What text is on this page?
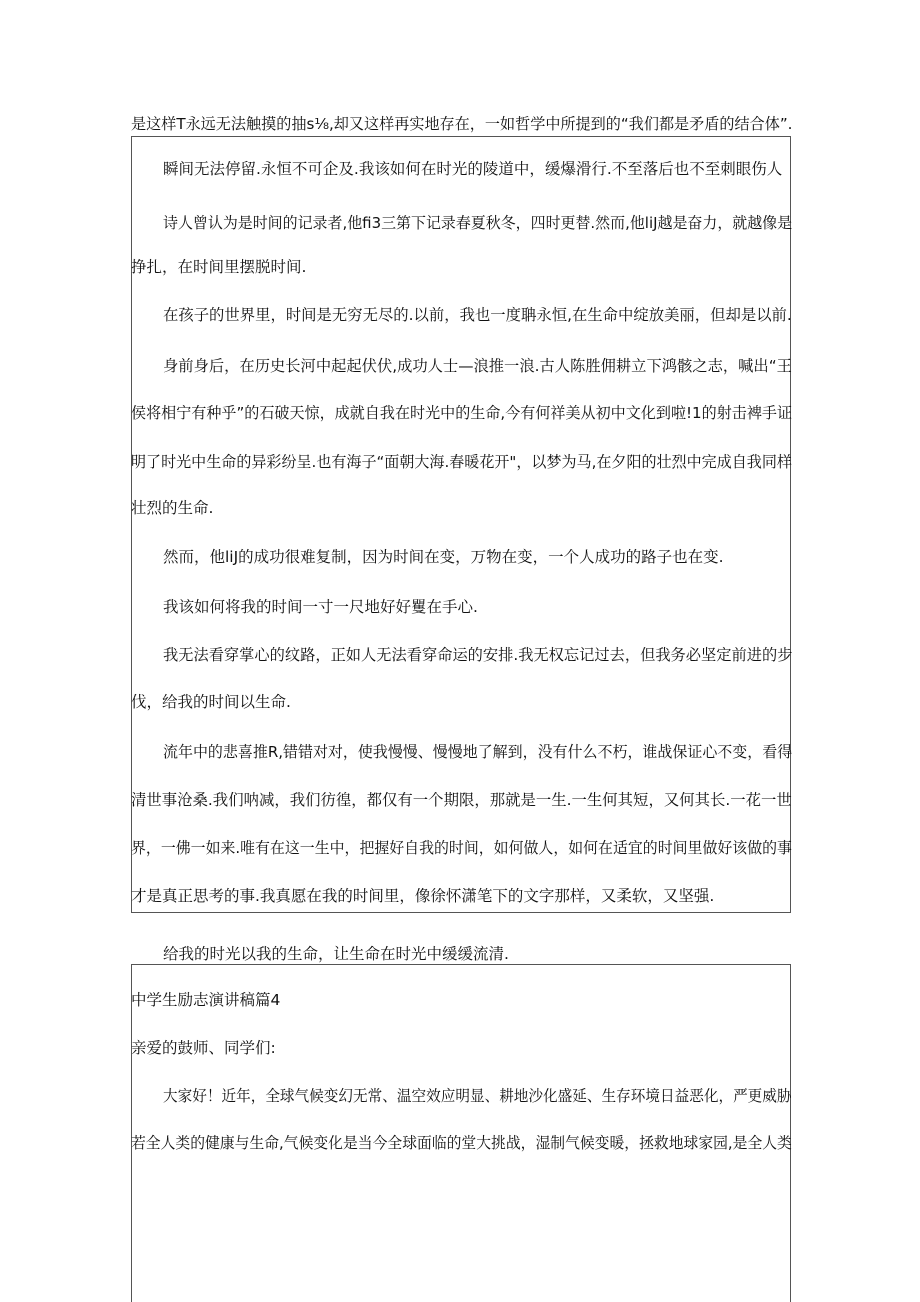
是这样T永远无法触摸的抽s⅛,却又这样再实地存在，一如哲学中所提到的“我们都是矛盾的结合体”.

瞬间无法停留.永恒不可企及.我该如何在时光的陵道中，缓爆滑行.不至落后也不至刺眼伤人

诗人曾认为是时间的记录者,他fi3三第下记录春夏秋冬，四时更替.然而,他liJ越是奋力，就越像是

挣扎，在时间里摆脱时间.

在孩子的世界里，时间是无穷无尽的.以前，我也一度聃永恒,在生命中绽放美丽，但却是以前.

身前身后，在历史长河中起起伏伏,成功人士—浪推一浪.古人陈胜佣耕立下鸿骸之志，喊出“王

侯将相宁有种乎”的石破天惊，成就自我在时光中的生命,今有何祥美从初中文化到啦!1的射击裨手证

明了时光中生命的异彩纷呈.也有海子“面朝大海.春暖花开"，以梦为马,在夕阳的壮烈中完成自我同样

壮烈的生命.

然而，他liJ的成功很难复制，因为时间在变，万物在变，一个人成功的路子也在变.

我该如何将我的时间一寸一尺地好好矍在手心.

我无法看穿掌心的纹路，正如人无法看穿命运的安排.我无权忘记过去，但我务必坚定前进的步

伐，给我的时间以生命.

流年中的悲喜推R,错错对对，使我慢慢、慢慢地了解到，没有什么不朽，谁战保证心不变，看得

清世事沧桑.我们呐减，我们彷徨，都仅有一个期限，那就是一生.一生何其短，又何其长.一花一世

界，一佛一如来.唯有在这一生中，把握好自我的时间，如何做人，如何在适宜的时间里做好该做的事

才是真正思考的事.我真愿在我的时间里，像徐怀潇笔下的文字那样，又柔软，又坚强.

给我的时光以我的生命，让生命在时光中缓缓流清.

中学生励志演讲稿篇4

亲爱的鼓师、同学们:

大家好！近年，全球气候变幻无常、温空效应明显、耕地沙化盛延、生存环境日益恶化，严更威胁

若全人类的健康与生命,气候变化是当今全球面临的堂大挑战，湿制气候变暖，拯救地球家园,是全人类
